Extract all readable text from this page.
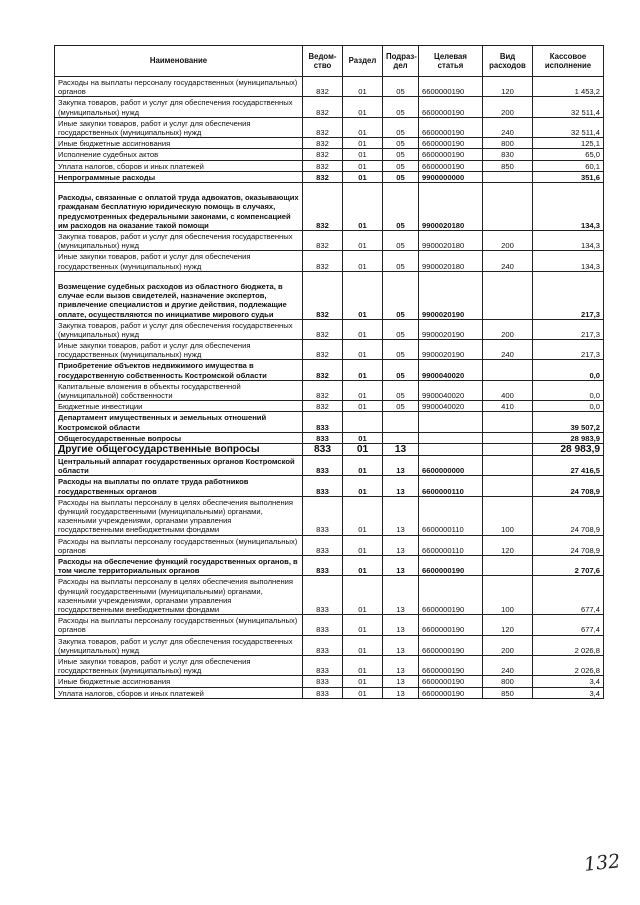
Наименование	Ведом-ство	Раздел	Подраз-дел	Целевая статья	Вид расходов	Кассовое исполнение
Расходы на выплаты персоналу государственных (муниципальных) органов	832	01	05	6600000190	120	1 453,2
Закупка товаров, работ и услуг для обеспечения государственных (муниципальных) нужд	832	01	05	6600000190	200	32 511,4
Иные закупки товаров, работ и услуг для обеспечения государственных (муниципальных) нужд	832	01	05	6600000190	240	32 511,4
Иные бюджетные ассигнования	832	01	05	6600000190	800	125,1
Исполнение судебных актов	832	01	05	6600000190	830	65,0
Уплата налогов, сборов и иных платежей	832	01	05	6600000190	850	60,1
Непрограммные расходы	832	01	05	9900000000		351,6
Расходы, связанные с оплатой труда адвокатов, оказывающих гражданам бесплатную юридическую помощь в случаях, предусмотренных федеральными законами, с компенсацией им расходов на оказание такой помощи	832	01	05	9900020180		134,3
Закупка товаров, работ и услуг для обеспечения государственных (муниципальных) нужд	832	01	05	9900020180	200	134,3
Иные закупки товаров, работ и услуг для обеспечения государственных (муниципальных) нужд	832	01	05	9900020180	240	134,3
Возмещение судебных расходов из областного бюджета, в случае если вызов свидетелей, назначение экспертов, привлечение специалистов и другие действия, подлежащие оплате, осуществляются по инициативе мирового судьи	832	01	05	9900020190		217,3
Закупка товаров, работ и услуг для обеспечения государственных (муниципальных) нужд	832	01	05	9900020190	200	217,3
Иные закупки товаров, работ и услуг для обеспечения государственных (муниципальных) нужд	832	01	05	9900020190	240	217,3
Приобретение объектов недвижимого имущества в государственную собственность Костромской области	832	01	05	9900040020		0,0
Капитальные вложения в объекты государственной (муниципальной) собственности	832	01	05	9900040020	400	0,0
Бюджетные инвестиции	832	01	05	9900040020	410	0,0
Департамент имущественных и земельных отношений Костромской области	833					39 507,2
Общегосударственные вопросы	833	01				28 983,9
Другие общегосударственные вопросы	833	01	13			28 983,9
Центральный аппарат государственных органов Костромской области	833	01	13	6600000000		27 416,5
Расходы на выплаты по оплате труда работников государственных органов	833	01	13	6600000110		24 708,9
Расходы на выплаты персоналу в целях обеспечения выполнения функций государственными (муниципальными) органами, казенными учреждениями, органами управления государственными внебюджетными фондами	833	01	13	6600000110	100	24 708,9
Расходы на выплаты персоналу государственных (муниципальных) органов	833	01	13	6600000110	120	24 708,9
Расходы на обеспечение функций государственных органов, в том числе территориальных органов	833	01	13	6600000190		2 707,6
Расходы на выплаты персоналу в целях обеспечения выполнения функций государственными (муниципальными) органами, казенными учреждениями, органами управления государственными внебюджетными фондами	833	01	13	6600000190	100	677,4
Расходы на выплаты персоналу государственных (муниципальных) органов	833	01	13	6600000190	120	677,4
Закупка товаров, работ и услуг для обеспечения государственных (муниципальных) нужд	833	01	13	6600000190	200	2 026,8
Иные закупки товаров, работ и услуг для обеспечения государственных (муниципальных) нужд	833	01	13	6600000190	240	2 026,8
Иные бюджетные ассигнования	833	01	13	6600000190	800	3,4
Уплата налогов, сборов и иных платежей	833	01	13	6600000190	850	3,4
132
